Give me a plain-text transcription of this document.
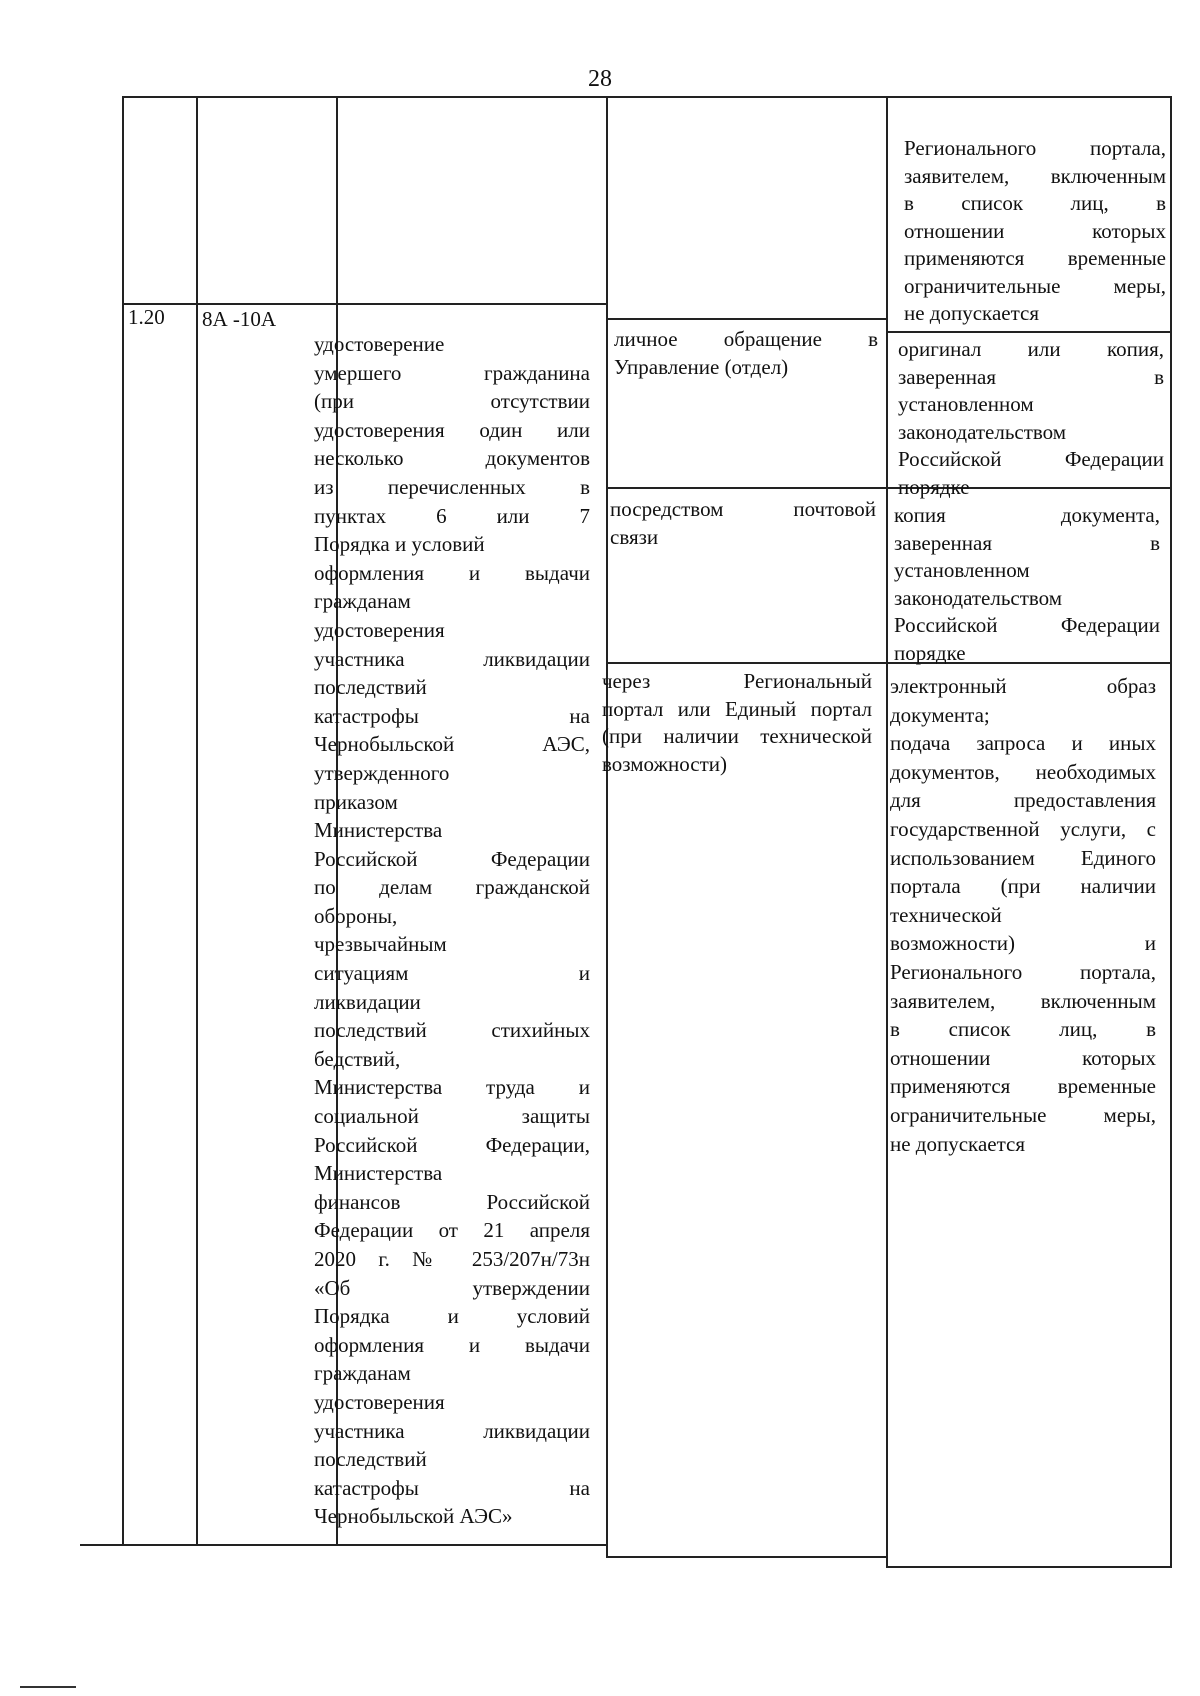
28
Регионального портала,
заявителем, включенным
в список лиц, в
отношении которых
применяются временные
ограничительные меры,
не допускается
1.20 8А -10А
удостоверение
умершего гражданина
(при отсутствии
удостоверения один или
несколько документов
из перечисленных в
пунктах 6 или 7
Порядка и условий
оформления и выдачи
гражданам
удостоверения
участника ликвидации
последствий
катастрофы на
Чернобыльской АЭС,
утвержденного
приказом
Министерства
Российской Федерации
по делам гражданской
обороны,
чрезвычайным
ситуациям и
ликвидации
последствий стихийных
бедствий,
Министерства труда и
социальной защиты
Российской Федерации,
Министерства
финансов Российской
Федерации от 21 апреля
2020 г. № 253/207н/73н
«Об утверждении
Порядка и условий
оформления и выдачи
гражданам
удостоверения
участника ликвидации
последствий
катастрофы на
Чернобыльской АЭС»
личное обращение в
Управление (отдел)
оригинал или копия,
заверенная в
установленном
законодательством
Российской Федерации
порядке
посредством почтовой
связи
копия документа,
заверенная в
установленном
законодательством
Российской Федерации
порядке
через Региональный
портал или Единый портал
(при наличии технической
возможности)
электронный образ
документа;
подача запроса и иных
документов, необходимых
для предоставления
государственной услуги, с
использованием Единого
портала (при наличии
технической
возможности) и
Регионального портала,
заявителем, включенным
в список лиц, в
отношении которых
применяются временные
ограничительные меры,
не допускается
